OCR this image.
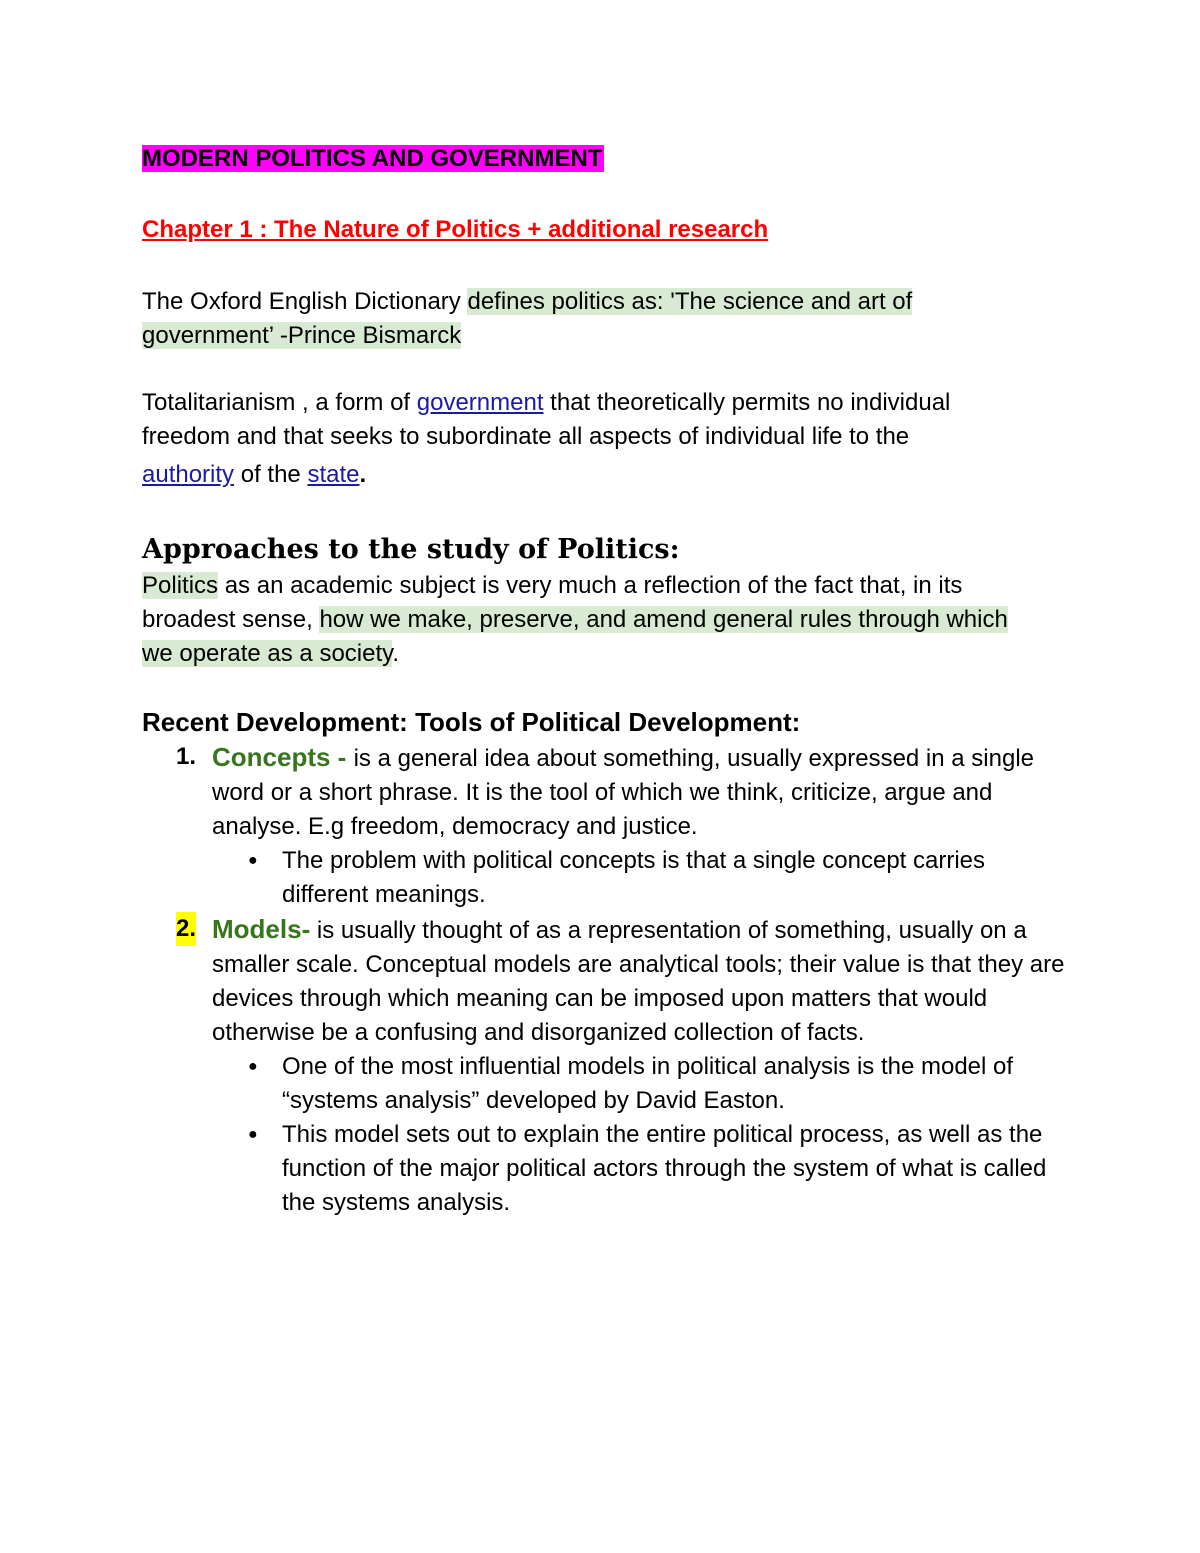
MODERN POLITICS AND GOVERNMENT
Chapter 1 : The Nature of Politics + additional research
The Oxford English Dictionary defines politics as: 'The science and art of
government’ -Prince Bismarck
Totalitarianism , a form of government that theoretically permits no individual freedom and that seeks to subordinate all aspects of individual life to the
authority of the state.
Approaches to the study of Politics:
Politics as an academic subject is very much a reflection of the fact that, in its broadest sense, how we make, preserve, and amend general rules through which we operate as a society.
Recent Development: Tools of Political Development:
1. Concepts - is a general idea about something, usually expressed in a single word or a short phrase. It is the tool of which we think, criticize, argue and analyse. E.g freedom, democracy and justice.
● The problem with political concepts is that a single concept carries different meanings.
2. Models- is usually thought of as a representation of something, usually on a smaller scale. Conceptual models are analytical tools; their value is that they are devices through which meaning can be imposed upon matters that would otherwise be a confusing and disorganized collection of facts.
● One of the most influential models in political analysis is the model of “systems analysis” developed by David Easton.
● This model sets out to explain the entire political process, as well as the function of the major political actors through the system of what is called the systems analysis.
